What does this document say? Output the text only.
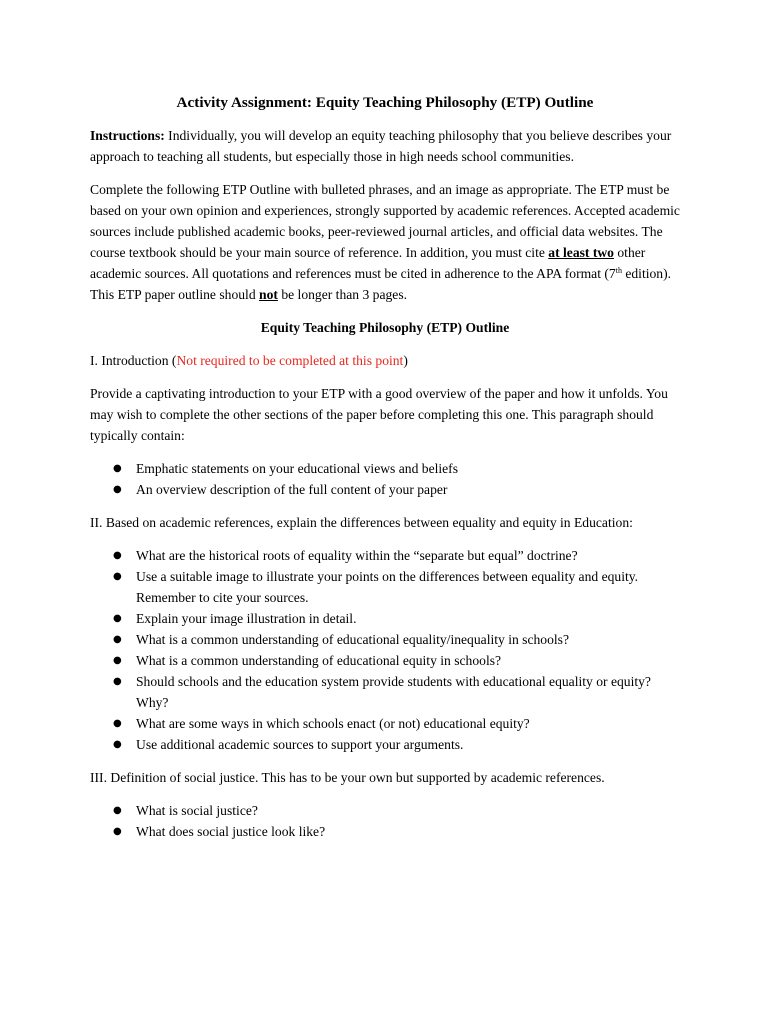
Activity Assignment: Equity Teaching Philosophy (ETP) Outline

Instructions: Individually, you will develop an equity teaching philosophy that you believe describes your approach to teaching all students, but especially those in high needs school communities.

Complete the following ETP Outline with bulleted phrases, and an image as appropriate. The ETP must be based on your own opinion and experiences, strongly supported by academic references. Accepted academic sources include published academic books, peer-reviewed journal articles, and official data websites. The course textbook should be your main source of reference. In addition, you must cite at least two other academic sources. All quotations and references must be cited in adherence to the APA format (7th edition). This ETP paper outline should not be longer than 3 pages.

Equity Teaching Philosophy (ETP) Outline

I. Introduction (Not required to be completed at this point)

Provide a captivating introduction to your ETP with a good overview of the paper and how it unfolds. You may wish to complete the other sections of the paper before completing this one. This paragraph should typically contain:

● Emphatic statements on your educational views and beliefs
● An overview description of the full content of your paper

II. Based on academic references, explain the differences between equality and equity in Education:

● What are the historical roots of equality within the “separate but equal” doctrine?
● Use a suitable image to illustrate your points on the differences between equality and equity. Remember to cite your sources.
● Explain your image illustration in detail.
● What is a common understanding of educational equality/inequality in schools?
● What is a common understanding of educational equity in schools?
● Should schools and the education system provide students with educational equality or equity? Why?
● What are some ways in which schools enact (or not) educational equity?
● Use additional academic sources to support your arguments.

III. Definition of social justice. This has to be your own but supported by academic references.

● What is social justice?
● What does social justice look like?
